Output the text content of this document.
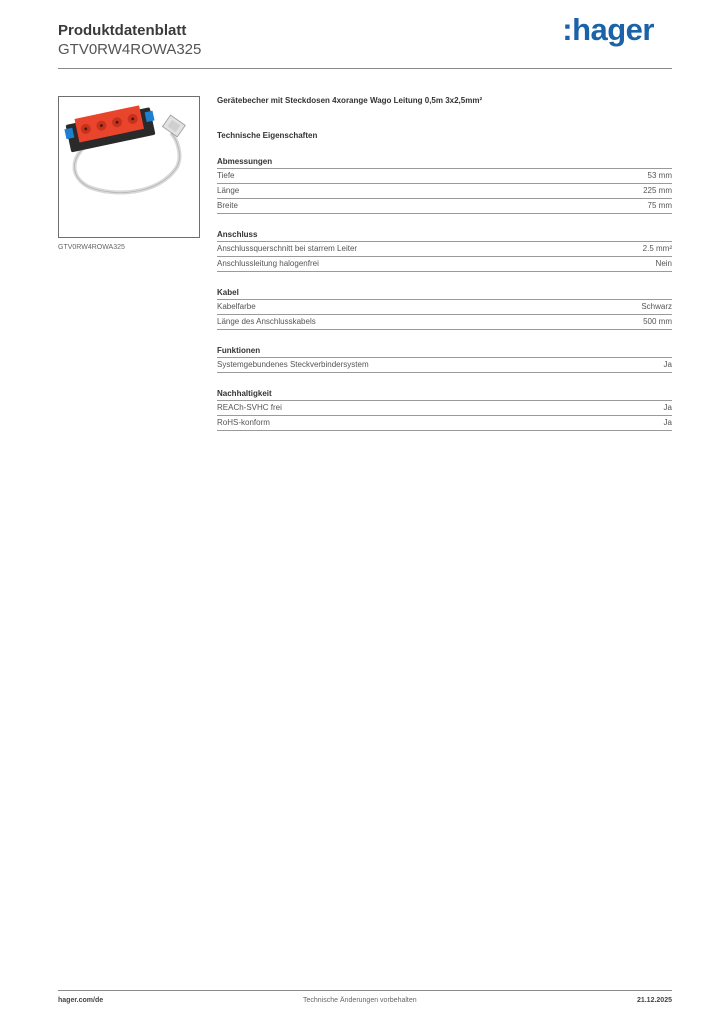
Produktdatenblatt
GTV0RW4ROWA325
:hager
GTV0RW4ROWA325
Gerätebecher mit Steckdosen 4xorange Wago Leitung 0,5m 3x2,5mm²
Technische Eigenschaften
Abmessungen
Tiefe	53 mm
Länge	225 mm
Breite	75 mm
Anschluss
Anschlussquerschnitt bei starrem Leiter	2.5 mm²
Anschlussleitung halogenfrei	Nein
Kabel
Kabelfarbe	Schwarz
Länge des Anschlusskabels	500 mm
Funktionen
Systemgebundenes Steckverbindersystem	Ja
Nachhaltigkeit
REACh-SVHC frei	Ja
RoHS-konform	Ja
hager.com/de	Technische Änderungen vorbehalten	21.12.2025
